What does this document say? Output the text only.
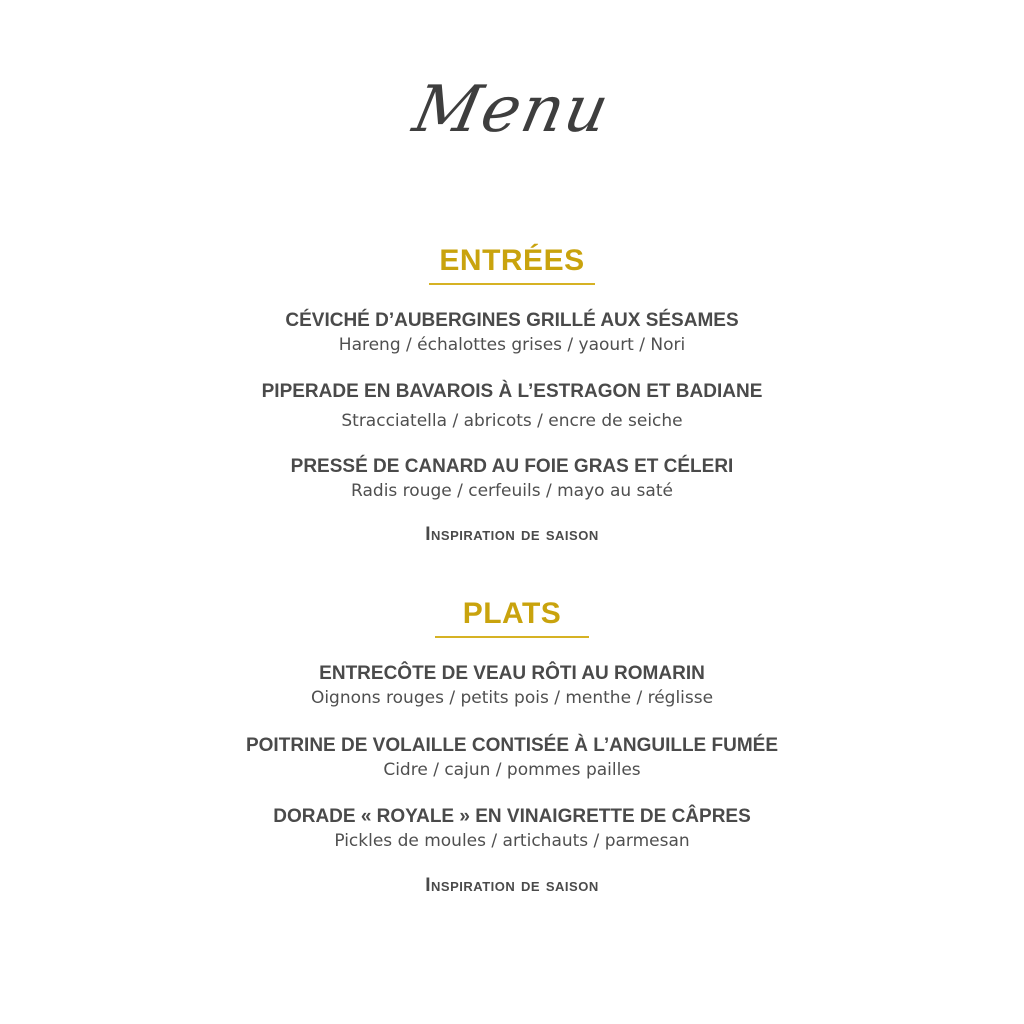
Menu
ENTRÉES
CÉVICHÉ D’AUBERGINES GRILLÉ AUX SÉSAMES
Hareng / échalottes grises / yaourt / Nori
PIPERADE EN BAVAROIS À L’ESTRAGON ET BADIANE
Stracciatella / abricots / encre de seiche
PRESSÉ DE CANARD AU FOIE GRAS ET CÉLERI
Radis rouge / cerfeuils / mayo au saté
Inspiration de saison
PLATS
ENTRECÔTE DE VEAU RÔTI AU ROMARIN
Oignons rouges / petits pois / menthe / réglisse
POITRINE DE VOLAILLE CONTISÉE À L’ANGUILLE FUMÉE
Cidre / cajun / pommes pailles
DORADE « ROYALE » EN VINAIGRETTE DE CÂPRES
Pickles de moules / artichauts / parmesan
Inspiration de saison
